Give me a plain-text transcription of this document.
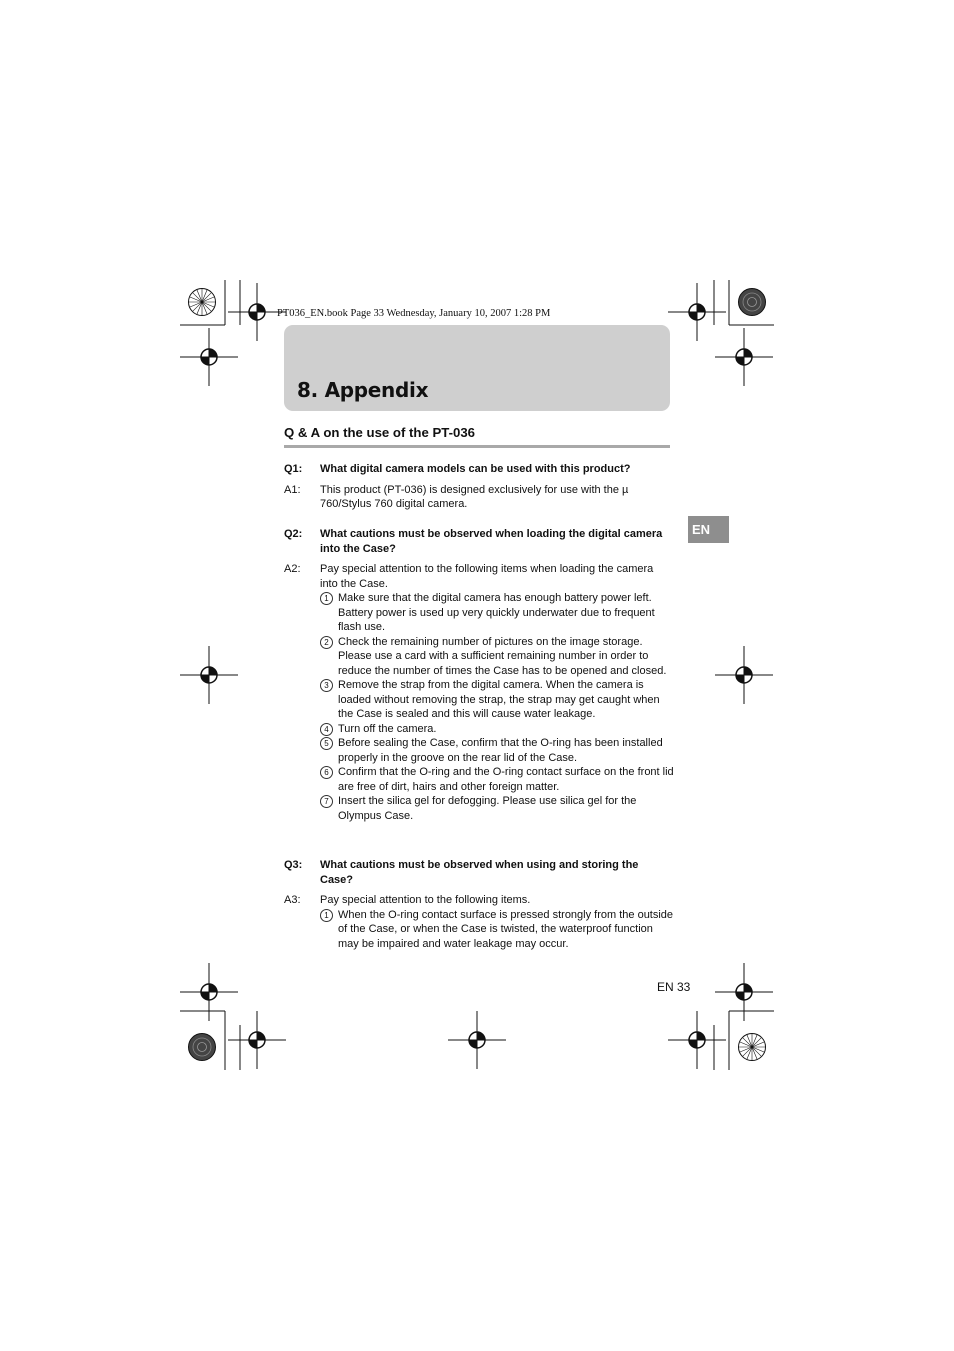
PT036_EN.book Page 33 Wednesday, January 10, 2007 1:28 PM
8. Appendix
Q & A on the use of the PT-036
EN
Q1: What digital camera models can be used with this product?
A1: This product (PT-036) is designed exclusively for use with the µ 760/Stylus 760 digital camera.
Q2: What cautions must be observed when loading the digital camera into the Case?
A2: Pay special attention to the following items when loading the camera into the Case.
1 Make sure that the digital camera has enough battery power left. Battery power is used up very quickly underwater due to frequent flash use.
2 Check the remaining number of pictures on the image storage. Please use a card with a sufficient remaining number in order to reduce the number of times the Case has to be opened and closed.
3 Remove the strap from the digital camera. When the camera is loaded without removing the strap, the strap may get caught when the Case is sealed and this will cause water leakage.
4 Turn off the camera.
5 Before sealing the Case, confirm that the O-ring has been installed properly in the groove on the rear lid of the Case.
6 Confirm that the O-ring and the O-ring contact surface on the front lid are free of dirt, hairs and other foreign matter.
7 Insert the silica gel for defogging. Please use silica gel for the Olympus Case.
Q3: What cautions must be observed when using and storing the Case?
A3: Pay special attention to the following items.
1 When the O-ring contact surface is pressed strongly from the outside of the Case, or when the Case is twisted, the waterproof function may be impaired and water leakage may occur.
EN 33
